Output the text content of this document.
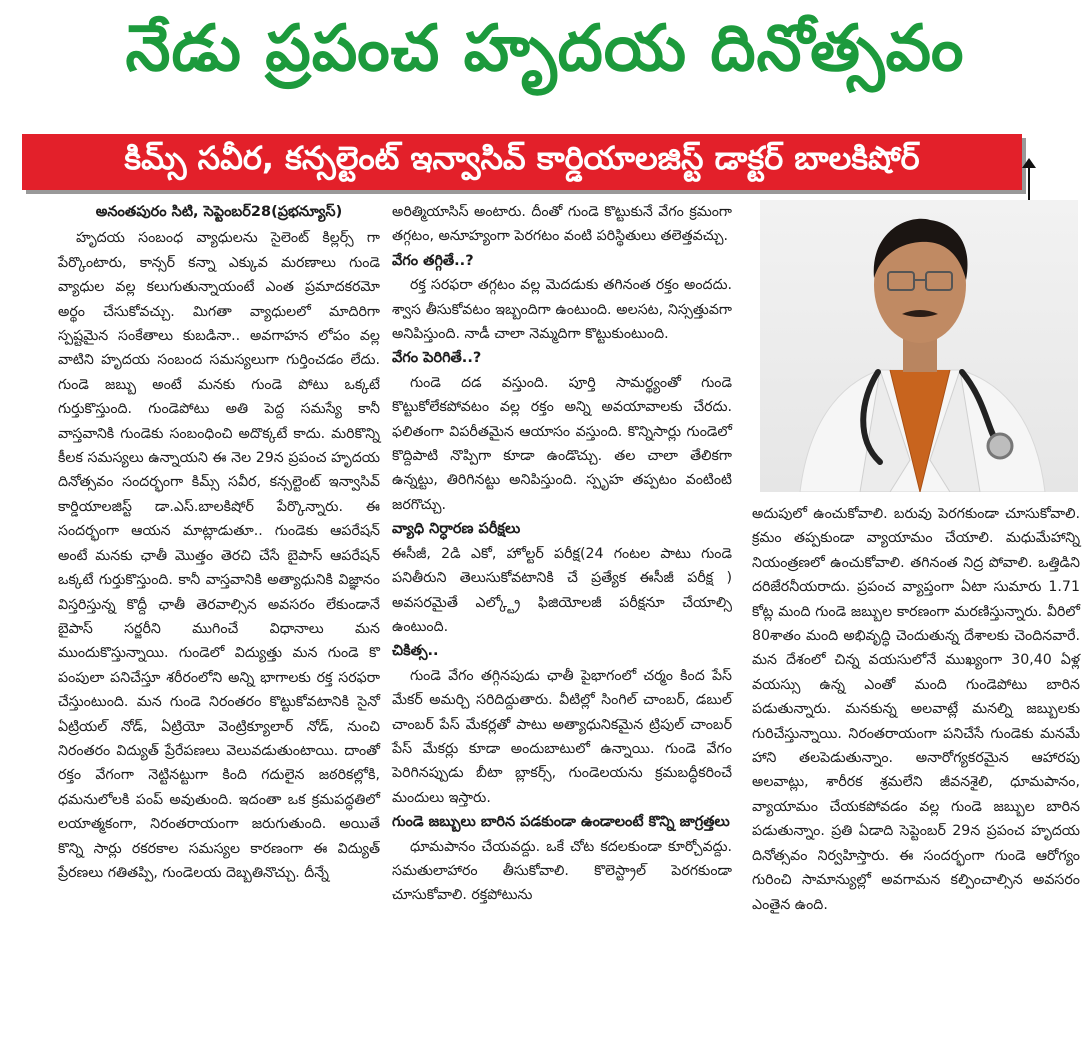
నేడు ప్రపంచ హృదయ దినోత్సవం
కిమ్స్ సవీర, కన్సల్టెంట్ ఇన్వాసివ్ కార్డియాలజిస్ట్ డాక్టర్ బాలకిషోర్
అనంతపురం సిటి, సెప్టెంబర్28(ప్రభన్యూస్)

హృదయ సంబంధ వ్యాధులను సైలెంట్ కిల్లర్స్ గా పేర్కొంటారు, కాన్సర్ కన్నా ఎక్కువ మరణాలు గుండె వ్యాధుల వల్ల కలుగుతున్నాయంటే ఎంత ప్రమాదకరమో అర్థం చేసుకోవచ్చు. మిగతా వ్యాధులలో మాదిరిగా స్పష్టమైన సంకేతాలు కుబడినా.. అవగాహన లోపం వల్ల వాటిని హృదయ సంబంద సమస్యలుగా గుర్తించడం లేదు. గుండె జబ్బు అంటే మనకు గుండె పోటు ఒక్కటే గుర్తుకొస్తుంది. గుండెపోటు అతి పెద్ద సమస్యే కానీ వాస్తవానికి గుండెకు సంబంధించి అదొక్కటే కాదు. మరికొన్ని కీలక సమస్యలు ఉన్నాయని ఈ నెల 29న ప్రపంచ హృదయ దినోత్సవం సందర్భంగా కిమ్స్ సవీర, కన్సల్టెంట్ ఇన్వాసివ్ కార్డియాలజిస్ట్ డా.ఎస్.బాలకిషోర్ పేర్కొన్నారు. ఈ సందర్భంగా ఆయన మాట్లాడుతూ.. గుండెకు ఆపరేషన్ అంటే మనకు ఛాతీ మొత్తం తెరచి చేసే బైపాస్ ఆపరేషన్ ఒక్కటే గుర్తుకొస్తుంది. కానీ వాస్తవానికి అత్యాధునికి విజ్ఞానం విస్తరిస్తున్న కొద్దీ ఛాతీ తెరవాల్సిన అవసరం లేకుండానే బైపాస్ సర్జరీని ముగించే విధానాలు మన ముందుకొస్తున్నాయి. గుండెలో విద్యుత్తు మన గుండె కొ పంపులా పనిచేస్తూ శరీరంలోని అన్ని భాగాలకు రక్త సరఫరా చేస్తుంటుంది. మన గుండె నిరంతరం కొట్టుకోవటానికి సైనో ఏట్రియల్ నోడ్, ఏట్రియో వెంట్రిక్యూలార్ నోడ్, నుంచి నిరంతరం విద్యుత్ ప్రేరేపణలు వెలువడుతుంటాయి. దాంతో రక్తం వేగంగా నెట్టినట్టుగా కింది గదులైన జఠరికల్లోకి, ధమనులోలకి పంప్ అవుతుంది. ఇదంతా ఒక క్రమపద్ధతిలో లయాత్మకంగా, నిరంతరాయంగా జరుగుతుంది. అయితే కొన్ని సార్లు రకరకాల సమస్యల కారణంగా ఈ విద్యుత్ ప్రేరణలు గతితప్పి, గుండెలయ దెబ్బతినొచ్చు. దీన్నే

అరిత్మియాసిస్ అంటారు. దీంతో గుండె కొట్టుకునే వేగం క్రమంగా తగ్గటం, అనూహ్యంగా పెరగటం వంటి పరిస్థితులు తలెత్తవచ్చు.

వేగం తగ్గితే..?

రక్త సరఫరా తగ్గటం వల్ల మెదడుకు తగినంత రక్తం అందదు. శ్వాస తీసుకోవటం ఇబ్బందిగా ఉంటుంది. అలసట, నిస్సత్తువగా అనిపిస్తుంది. నాడీ చాలా నెమ్మదిగా కొట్టుకుంటుంది.

వేగం పెరిగితే..?

గుండె దడ వస్తుంది. పూర్తి సామర్థ్యంతో గుండె కొట్టుకోలేకపోవటం వల్ల రక్తం అన్ని అవయావాలకు చేరదు. ఫలితంగా విపరీతమైన ఆయాసం వస్తుంది. కొన్నిసార్లు గుండెలో కొద్దిపాటి నొప్పిగా కూడా ఉండొచ్చు. తల చాలా తేలికగా ఉన్నట్టు, తిరిగినట్టు అనిపిస్తుంది. స్పృహ తప్పటం వంటింటి జరగొచ్చు.

వ్యాధి నిర్ధారణ పరీక్షలు

ఈసీజీ, 2డి ఎకో, హోల్టర్ పరీక్ష(24 గంటల పాటు గుండె పనితీరుని తెలుసుకోవటానికి చే ప్రత్యేక ఈసీజీ పరీక్ష ) అవసరమైతే ఎల్క్ట్రో ఫిజియోలజీ పరీక్షనూ చేయాల్సి ఉంటుంది.

చికిత్స..

గుండె వేగం తగ్గినపుడు ఛాతీ పైభాగంలో చర్మం కింద పేస్ మేకర్ అమర్చి సరిదిద్దుతారు. వీటిల్లో సింగిల్ చాంబర్, డబుల్ చాంబర్ పేస్ మేకర్లతో పాటు అత్యాధునికమైన ట్రిపుల్ చాంబర్ పేస్ మేకర్లు కూడా అందుబాటులో ఉన్నాయి. గుండె వేగం పెరిగినప్పుడు బీటా బ్లాకర్స్, గుండెలయను క్రమబద్ధీకరించే మందులు ఇస్తారు.

గుండె జబ్బులు బారిన పడకుండా ఉండాలంటే కొన్ని జాగ్రత్తలు

ధూమపానం చేయవద్దు. ఒకే చోట కదలకుండా కూర్చోవద్దు. సమతులాహారం తీసుకోవాలి. కొలెస్ట్రాల్ పెరగకుండా చూసుకోవాలి. రక్తపోటును

అదుపులో ఉంచుకోవాలి. బరువు పెరగకుండా చూసుకోవాలి. క్రమం తప్పకుండా వ్యాయామం చేయాలి. మధుమేహాన్ని నియంత్రణలో ఉంచుకోవాలి. తగినంత నిద్ర పోవాలి. ఒత్తిడిని దరిజేరనీయరాదు. ప్రపంచ వ్యాప్తంగా ఏటా సుమారు 1.71 కోట్ల మంది గుండె జబ్బుల కారణంగా మరణిస్తున్నారు. వీరిలో 80శాతం మంది అభివృద్ధి చెందుతున్న దేశాలకు చెందినవారే. మన దేశంలో చిన్న వయసులోనే ముఖ్యంగా 30,40 ఏళ్ల వయస్సు ఉన్న ఎంతో మంది గుండెపోటు బారిన పడుతున్నారు. మనకున్న అలవాట్లే మనల్ని జబ్బులకు గురిచేస్తున్నాయి. నిరంతరాయంగా పనిచేసే గుండెకు మనమే హాని తలపెడుతున్నాం. అనారోగ్యకరమైన ఆహారపు అలవాట్లు, శారీరక శ్రమలేని జీవనశైలి, ధూమపానం, వ్యాయామం చేయకపోవడం వల్ల గుండె జబ్బుల బారిన పడుతున్నాం. ప్రతి ఏడాది సెప్టెంబర్ 29న ప్రపంచ హృదయ దినోత్సవం నిర్వహిస్తారు. ఈ సందర్భంగా గుండె ఆరోగ్యం గురించి సామాన్యుల్లో అవగామన కల్పించాల్సిన అవసరం ఎంతైన ఉంది.
